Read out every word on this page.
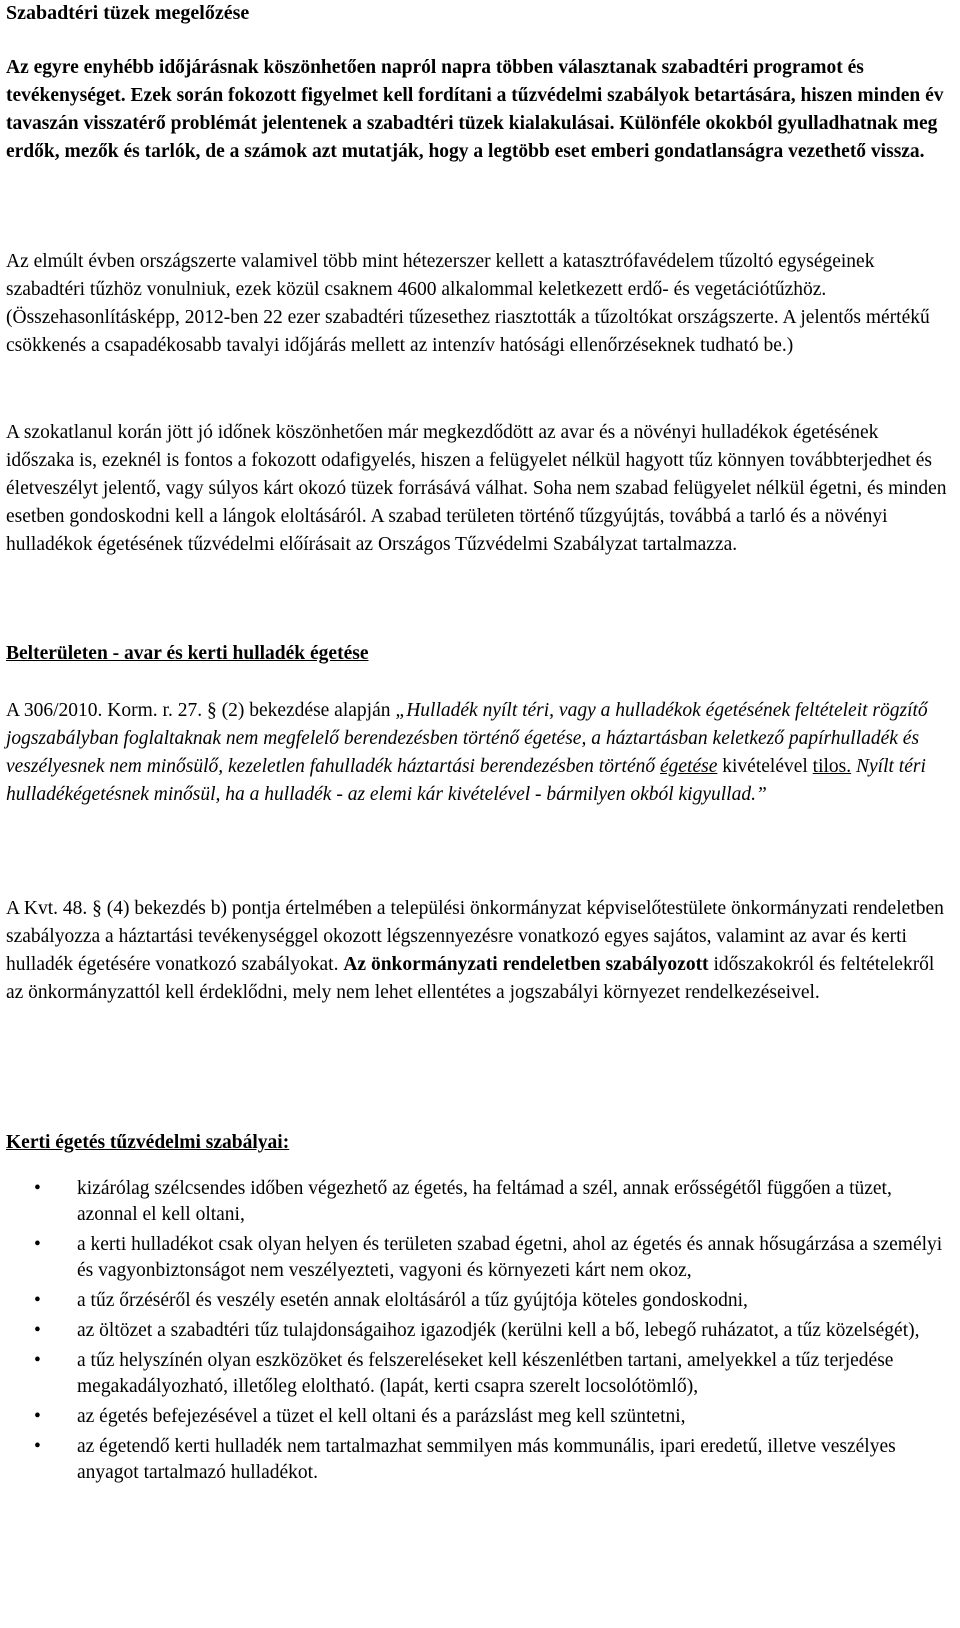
Szabadtéri tüzek megelőzése

Az egyre enyhébb időjárásnak köszönhetően napról napra többen választanak szabadtéri programot és tevékenységet. Ezek során fokozott figyelmet kell fordítani a tűzvédelmi szabályok betartására, hiszen minden év tavaszán visszatérő problémát jelentenek a szabadtéri tüzek kialakulásai. Különféle okokból gyulladhatnak meg erdők, mezők és tarlók, de a számok azt mutatják, hogy a legtöbb eset emberi gondatlanságra vezethető vissza.

Az elmúlt évben országszerte valamivel több mint hétezerszer kellett a katasztrófavédelem tűzoltó egységeinek szabadtéri tűzhöz vonulniuk, ezek közül csaknem 4600 alkalommal keletkezett erdő- és vegetációtűzhöz. (Összehasonlításképp, 2012-ben 22 ezer szabadtéri tűzesethez riasztották a tűzoltókat országszerte. A jelentős mértékű csökkenés a csapadékosabb tavalyi időjárás mellett az intenzív hatósági ellenőrzéseknek tudható be.)

A szokatlanul korán jött jó időnek köszönhetően már megkezdődött az avar és a növényi hulladékok égetésének időszaka is, ezeknél is fontos a fokozott odafigyelés, hiszen a felügyelet nélkül hagyott tűz könnyen továbbterjedhet és életveszélyt jelentő, vagy súlyos kárt okozó tüzek forrásává válhat. Soha nem szabad felügyelet nélkül égetni, és minden esetben gondoskodni kell a lángok eloltásáról. A szabad területen történő tűzgyújtás, továbbá a tarló és a növényi hulladékok égetésének tűzvédelmi előírásait az Országos Tűzvédelmi Szabályzat tartalmazza.

Belterületen - avar és kerti hulladék égetése

A 306/2010. Korm. r. 27. § (2) bekezdése alapján „Hulladék nyílt téri, vagy a hulladékok égetésének feltételeit rögzítő jogszabályban foglaltaknak nem megfelelő berendezésben történő égetése, a háztartásban keletkező papírhulladék és veszélyesnek nem minősülő, kezeletlen fahulladék háztartási berendezésben történő égetése kivételével tilos. Nyílt téri hulladékégetésnek minősül, ha a hulladék - az elemi kár kivételével - bármilyen okból kigyullad.”

A Kvt. 48. § (4) bekezdés b) pontja értelmében a települési önkormányzat képviselőtestülete önkormányzati rendeletben szabályozza a háztartási tevékenységgel okozott légszennyezésre vonatkozó egyes sajátos, valamint az avar és kerti hulladék égetésére vonatkozó szabályokat. Az önkormányzati rendeletben szabályozott időszakokról és feltételekről az önkormányzattól kell érdeklődni, mely nem lehet ellentétes a jogszabályi környezet rendelkezéseivel.

Kerti égetés tűzvédelmi szabályai:

• kizárólag szélcsendes időben végezhető az égetés, ha feltámad a szél, annak erősségétől függően a tüzet, azonnal el kell oltani,
• a kerti hulladékot csak olyan helyen és területen szabad égetni, ahol az égetés és annak hősugárzása a személyi és vagyonbiztonságot nem veszélyezteti, vagyoni és környezeti kárt nem okoz,
• a tűz őrzéséről és veszély esetén annak eloltásáról a tűz gyújtója köteles gondoskodni,
• az öltözet a szabadtéri tűz tulajdonságaihoz igazodjék (kerülni kell a bő, lebegő ruházatot, a tűz közelségét),
• a tűz helyszínén olyan eszközöket és felszereléseket kell készenlétben tartani, amelyekkel a tűz terjedése megakadályozható, illetőleg eloltható. (lapát, kerti csapra szerelt locsolótömlő),
• az égetés befejezésével a tüzet el kell oltani és a parázslást meg kell szüntetni,
• az égetendő kerti hulladék nem tartalmazhat semmilyen más kommunális, ipari eredetű, illetve veszélyes anyagot tartalmazó hulladékot.
